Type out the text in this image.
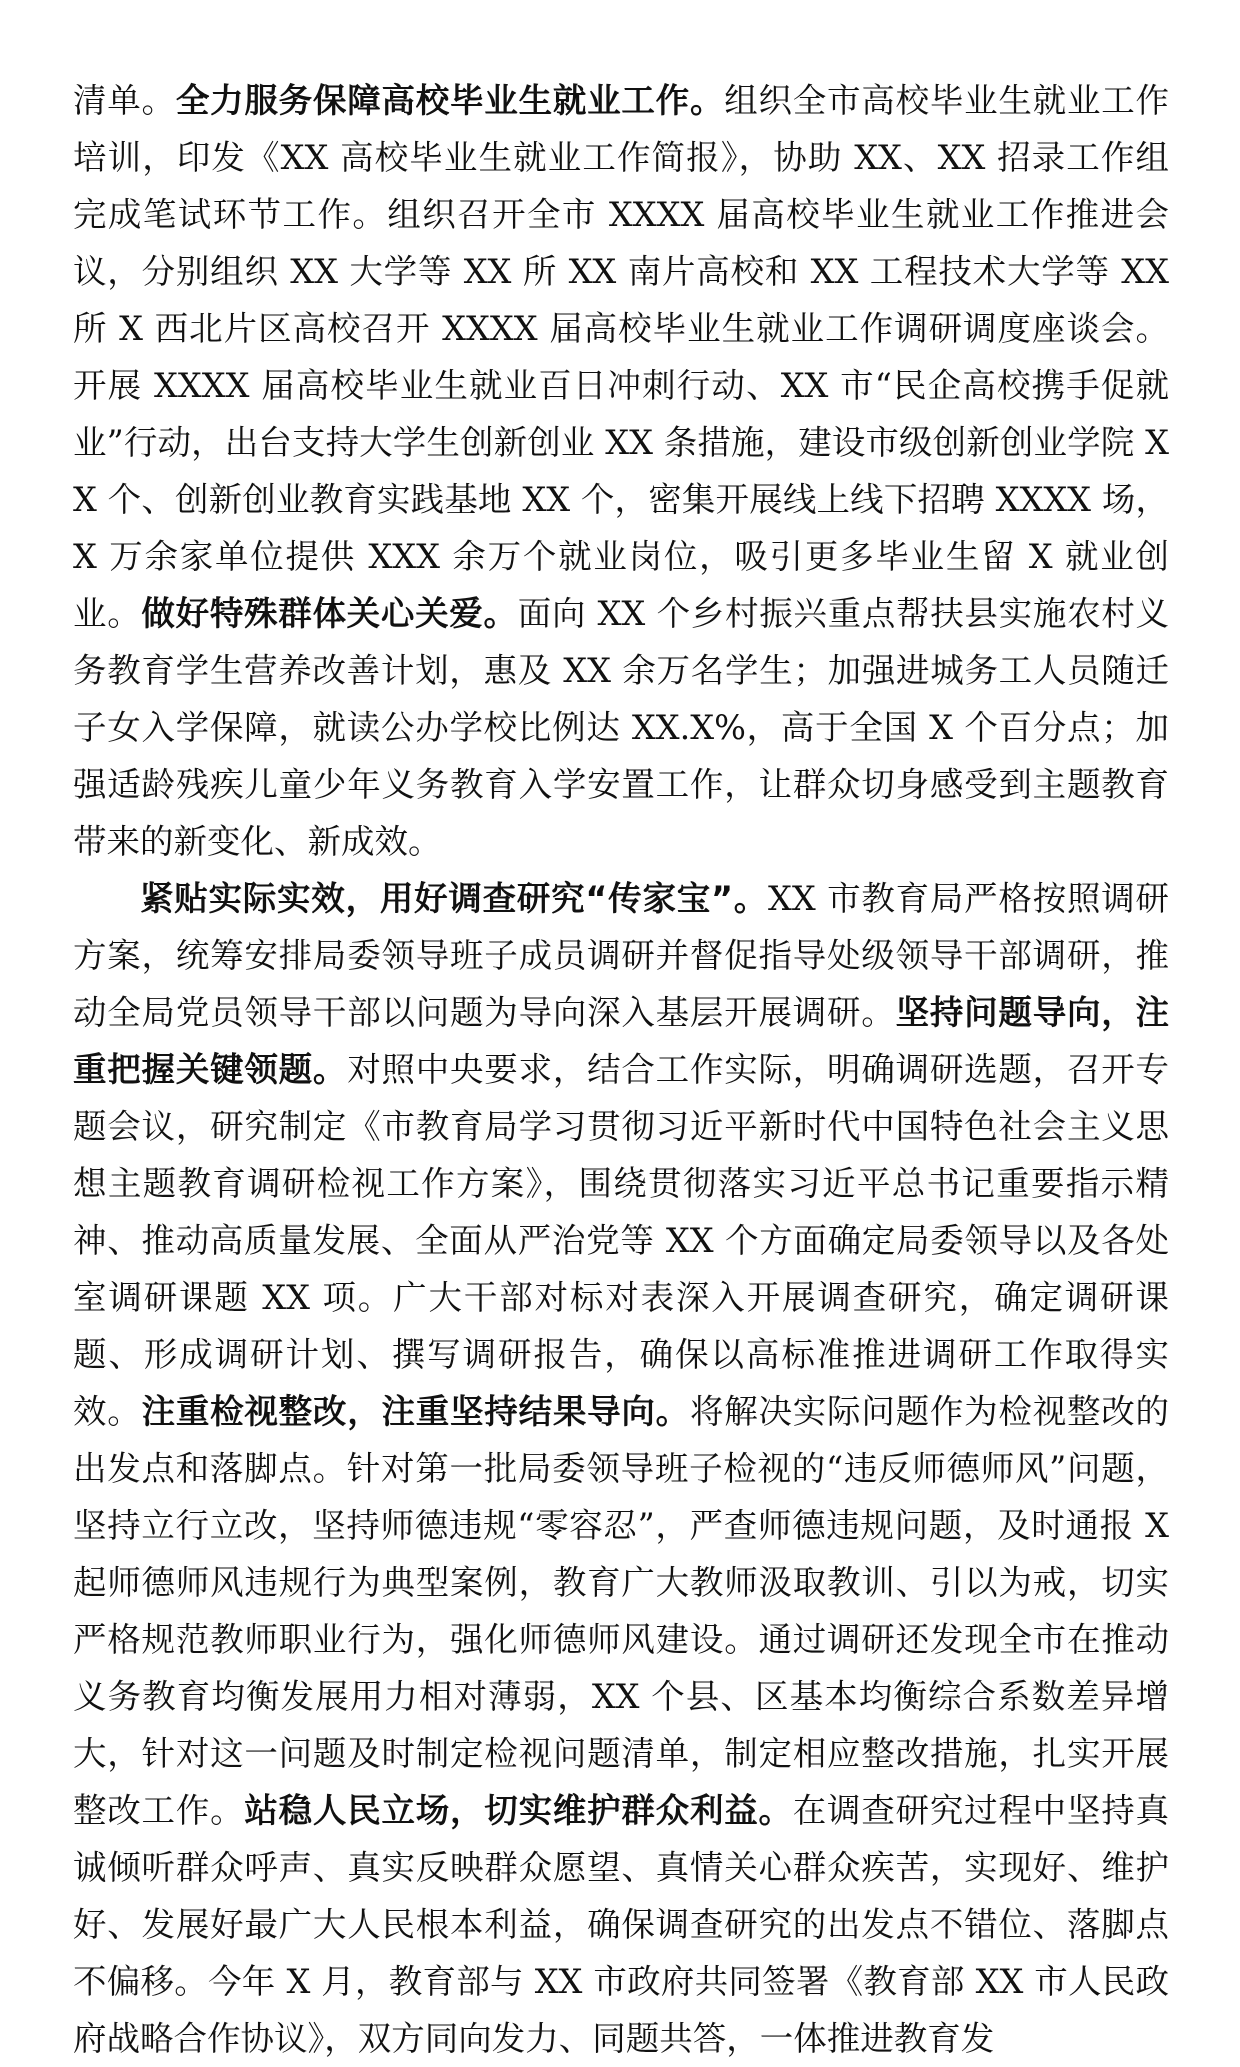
清单。全力服务保障高校毕业生就业工作。组织全市高校毕业生就业工作培训，印发《XX 高校毕业生就业工作简报》，协助 XX、XX 招录工作组完成笔试环节工作。组织召开全市 XXXX 届高校毕业生就业工作推进会议，分别组织 XX 大学等 XX 所 XX 南片高校和 XX 工程技术大学等 XX 所 X 西北片区高校召开 XXXX 届高校毕业生就业工作调研调度座谈会。开展 XXXX 届高校毕业生就业百日冲刺行动、XX 市“民企高校携手促就业”行动，出台支持大学生创新创业 XX 条措施，建设市级创新创业学院 XX 个、创新创业教育实践基地 XX 个，密集开展线上线下招聘 XXXX 场，X 万余家单位提供 XXX 余万个就业岗位，吸引更多毕业生留 X 就业创业。做好特殊群体关心关爱。面向 XX 个乡村振兴重点帮扶县实施农村义务教育学生营养改善计划，惠及 XX 余万名学生；加强进城务工人员随迁子女入学保障，就读公办学校比例达 XX.X%，高于全国 X 个百分点；加强适龄残疾儿童少年义务教育入学安置工作，让群众切身感受到主题教育带来的新变化、新成效。

紧贴实际实效，用好调查研究“传家宝”。XX 市教育局严格按照调研方案，统筹安排局委领导班子成员调研并督促指导处级领导干部调研，推动全局党员领导干部以问题为导向深入基层开展调研。坚持问题导向，注重把握关键领题。对照中央要求，结合工作实际，明确调研选题，召开专题会议，研究制定《市教育局学习贯彻习近平新时代中国特色社会主义思想主题教育调研检视工作方案》，围绕贯彻落实习近平总书记重要指示精神、推动高质量发展、全面从严治党等 XX 个方面确定局委领导以及各处室调研课题 XX 项。广大干部对标对表深入开展调查研究，确定调研课题、形成调研计划、撰写调研报告，确保以高标准推进调研工作取得实效。注重检视整改，注重坚持结果导向。将解决实际问题作为检视整改的出发点和落脚点。针对第一批局委领导班子检视的“违反师德师风”问题，坚持立行立改，坚持师德违规“零容忍”，严查师德违规问题，及时通报 X 起师德师风违规行为典型案例，教育广大教师汲取教训、引以为戒，切实严格规范教师职业行为，强化师德师风建设。通过调研还发现全市在推动义务教育均衡发展用力相对薄弱，XX 个县、区基本均衡综合系数差异增大，针对这一问题及时制定检视问题清单，制定相应整改措施，扎实开展整改工作。站稳人民立场，切实维护群众利益。在调查研究过程中坚持真诚倾听群众呼声、真实反映群众愿望、真情关心群众疾苦，实现好、维护好、发展好最广大人民根本利益，确保调查研究的出发点不错位、落脚点不偏移。今年 X 月，教育部与 XX 市政府共同签署《教育部 XX 市人民政府战略合作协议》，双方同向发力、同题共答，一体推进教育发
